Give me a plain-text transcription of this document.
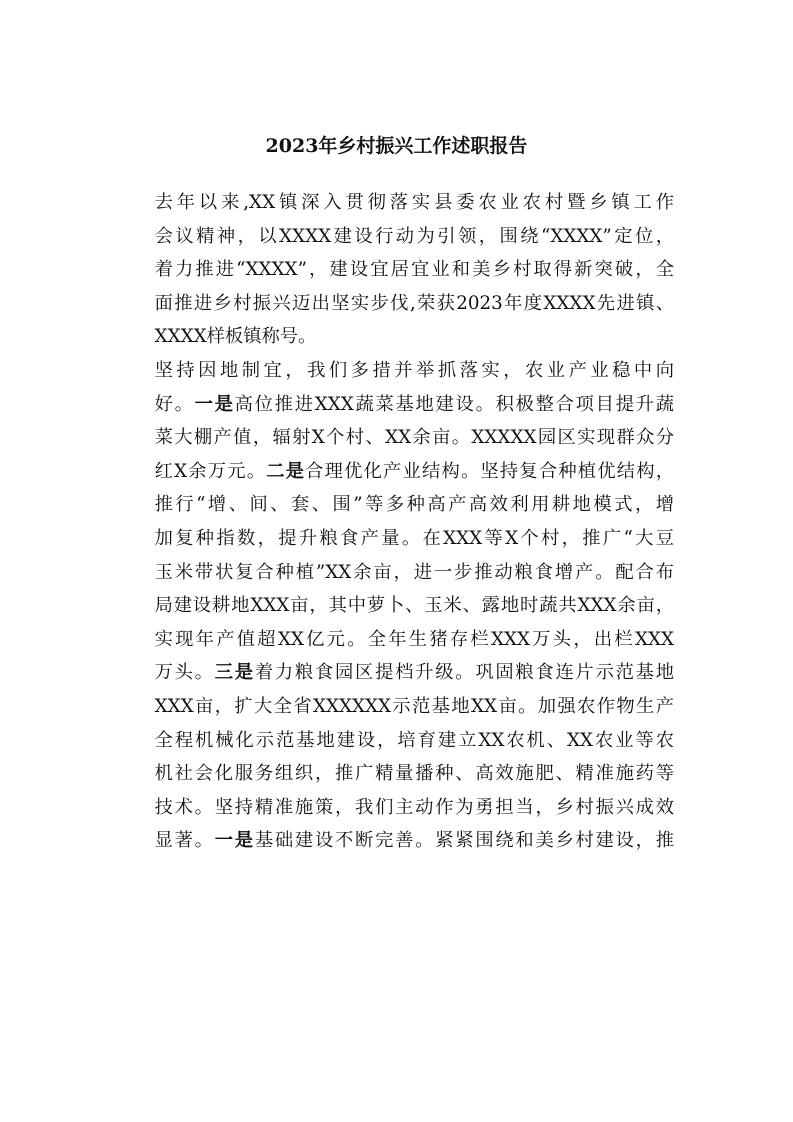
2023年乡村振兴工作述职报告

去年以来,XX镇深入贯彻落实县委农业农村暨乡镇工作
会议精神，以XXXX建设行动为引领，围绕“XXXX”定位，
着力推进“XXXX”，建设宜居宜业和美乡村取得新突破，全
面推进乡村振兴迈出坚实步伐,荣获2023年度XXXX先进镇、
XXXX样板镇称号。

坚持因地制宜，我们多措并举抓落实，农业产业稳中向
好。一是高位推进XXX蔬菜基地建设。积极整合项目提升蔬
菜大棚产值，辐射X个村、XX余亩。XXXXX园区实现群众分
红X余万元。二是合理优化产业结构。坚持复合种植优结构，
推行“增、间、套、围”等多种高产高效利用耕地模式，增
加复种指数，提升粮食产量。在XXX等X个村，推广“大豆
玉米带状复合种植”XX余亩，进一步推动粮食增产。配合布
局建设耕地XXX亩，其中萝卜、玉米、露地时蔬共XXX余亩，
实现年产值超XX亿元。全年生猪存栏XXX万头，出栏XXX
万头。三是着力粮食园区提档升级。巩固粮食连片示范基地
XXX亩，扩大全省XXXXXX示范基地XX亩。加强农作物生产
全程机械化示范基地建设，培育建立XX农机、XX农业等农
机社会化服务组织，推广精量播种、高效施肥、精准施药等
技术。坚持精准施策，我们主动作为勇担当，乡村振兴成效
显著。一是基础建设不断完善。紧紧围绕和美乡村建设，推
